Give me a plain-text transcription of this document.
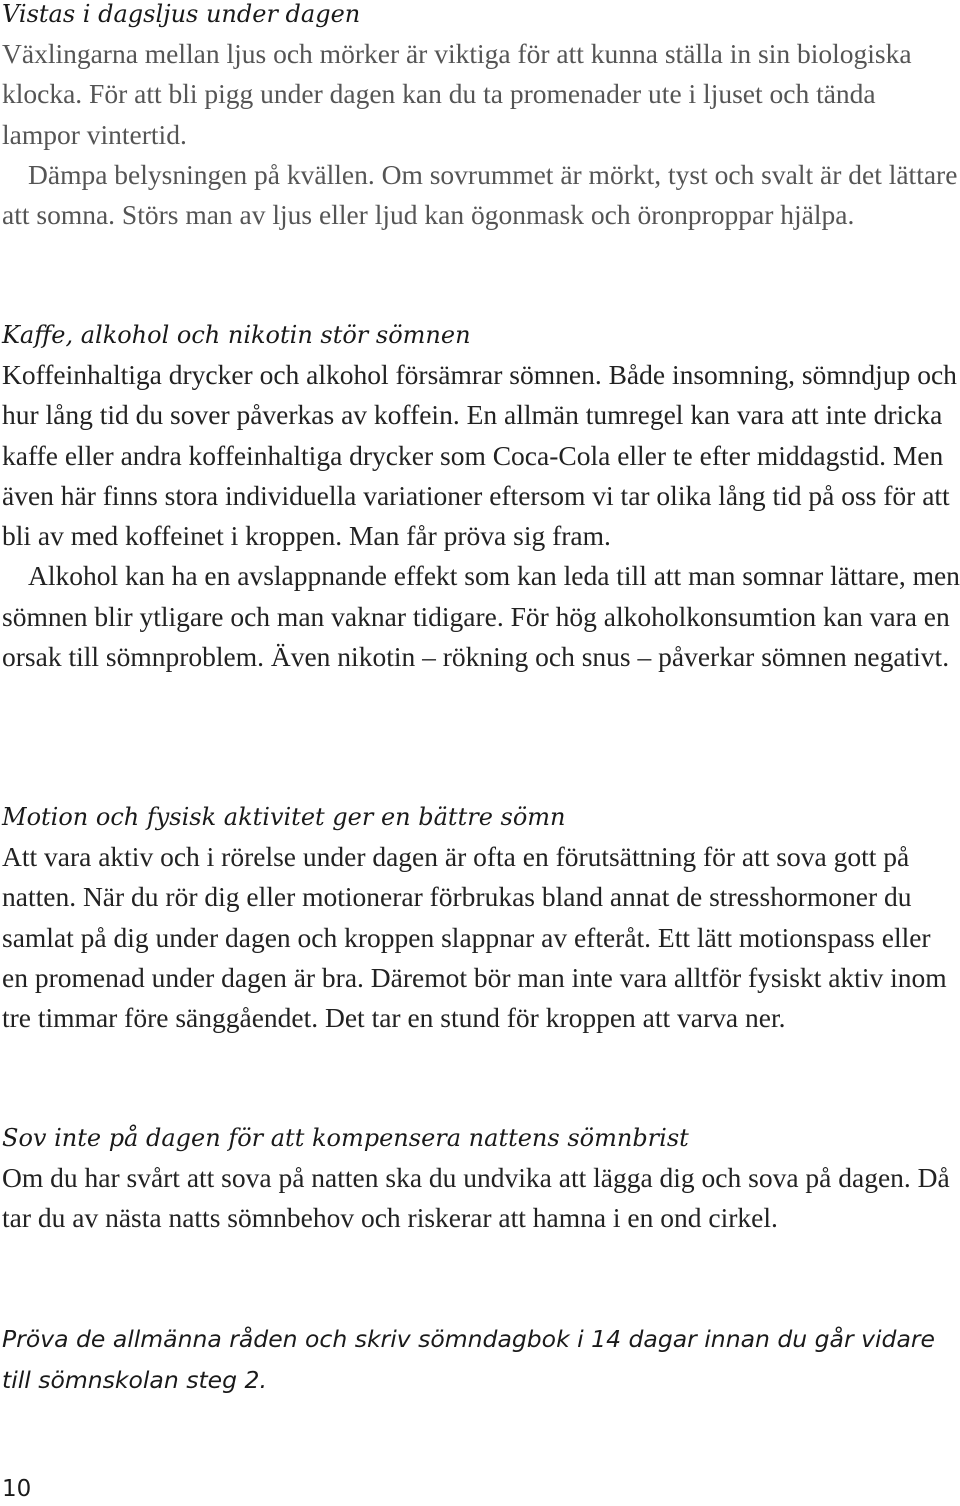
Vistas i dagsljus under dagen

Växlingarna mellan ljus och mörker är viktiga för att kunna ställa in sin biologiska klocka. För att bli pigg under dagen kan du ta promenader ute i ljuset och tända lampor vintertid.

Dämpa belysningen på kvällen. Om sovrummet är mörkt, tyst och svalt är det lättare att somna. Störs man av ljus eller ljud kan ögonmask och öronproppar hjälpa.

Kaffe, alkohol och nikotin stör sömnen

Koffeinhaltiga drycker och alkohol försämrar sömnen. Både insomning, sömndjup och hur lång tid du sover påverkas av koffein. En allmän tumregel kan vara att inte dricka kaffe eller andra koffeinhaltiga drycker som Coca-Cola eller te efter middagstid. Men även här finns stora individuella variationer eftersom vi tar olika lång tid på oss för att bli av med koffeinet i kroppen. Man får pröva sig fram.

Alkohol kan ha en avslappnande effekt som kan leda till att man somnar lättare, men sömnen blir ytligare och man vaknar tidigare. För hög alkoholkonsumtion kan vara en orsak till sömnproblem. Även nikotin – rökning och snus – påverkar sömnen negativt.

Motion och fysisk aktivitet ger en bättre sömn

Att vara aktiv och i rörelse under dagen är ofta en förutsättning för att sova gott på natten. När du rör dig eller motionerar förbrukas bland annat de stresshormoner du samlat på dig under dagen och kroppen slappnar av efteråt. Ett lätt motionspass eller en promenad under dagen är bra. Däremot bör man inte vara alltför fysiskt aktiv inom tre timmar före sänggåendet. Det tar en stund för kroppen att varva ner.

Sov inte på dagen för att kompensera nattens sömnbrist

Om du har svårt att sova på natten ska du undvika att lägga dig och sova på dagen. Då tar du av nästa natts sömnbehov och riskerar att hamna i en ond cirkel.

Pröva de allmänna råden och skriv sömndagbok i 14 dagar innan du går vidare till sömnskolan steg 2.

10
